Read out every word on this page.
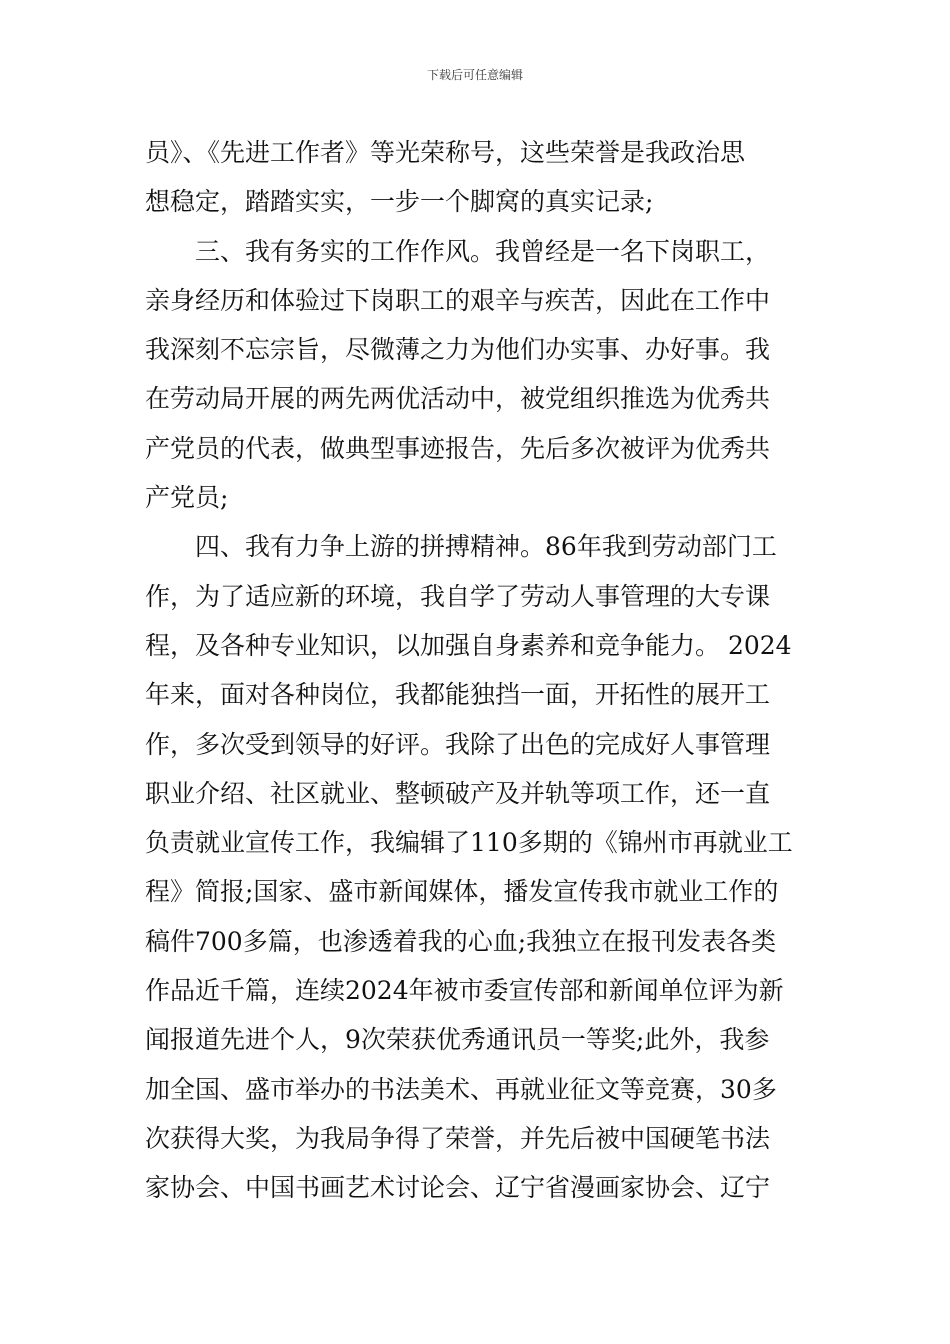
下载后可任意编辑
员》、《先进工作者》等光荣称号，这些荣誉是我政治思
想稳定，踏踏实实，一步一个脚窝的真实记录;
三、我有务实的工作作风。我曾经是一名下岗职工，
亲身经历和体验过下岗职工的艰辛与疾苦，因此在工作中
我深刻不忘宗旨，尽微薄之力为他们办实事、办好事。我
在劳动局开展的两先两优活动中，被党组织推选为优秀共
产党员的代表，做典型事迹报告，先后多次被评为优秀共
产党员;
四、我有力争上游的拼搏精神。86年我到劳动部门工
作，为了适应新的环境，我自学了劳动人事管理的大专课
程，及各种专业知识，以加强自身素养和竞争能力。 2024
年来，面对各种岗位，我都能独挡一面，开拓性的展开工
作，多次受到领导的好评。我除了出色的完成好人事管理
职业介绍、社区就业、整顿破产及并轨等项工作，还一直
负责就业宣传工作，我编辑了110多期的《锦州市再就业工
程》简报;国家、盛市新闻媒体，播发宣传我市就业工作的
稿件700多篇，也渗透着我的心血;我独立在报刊发表各类
作品近千篇，连续2024年被市委宣传部和新闻单位评为新
闻报道先进个人，9次荣获优秀通讯员一等奖;此外，我参
加全国、盛市举办的书法美术、再就业征文等竞赛，30多
次获得大奖，为我局争得了荣誉，并先后被中国硬笔书法
家协会、中国书画艺术讨论会、辽宁省漫画家协会、辽宁
